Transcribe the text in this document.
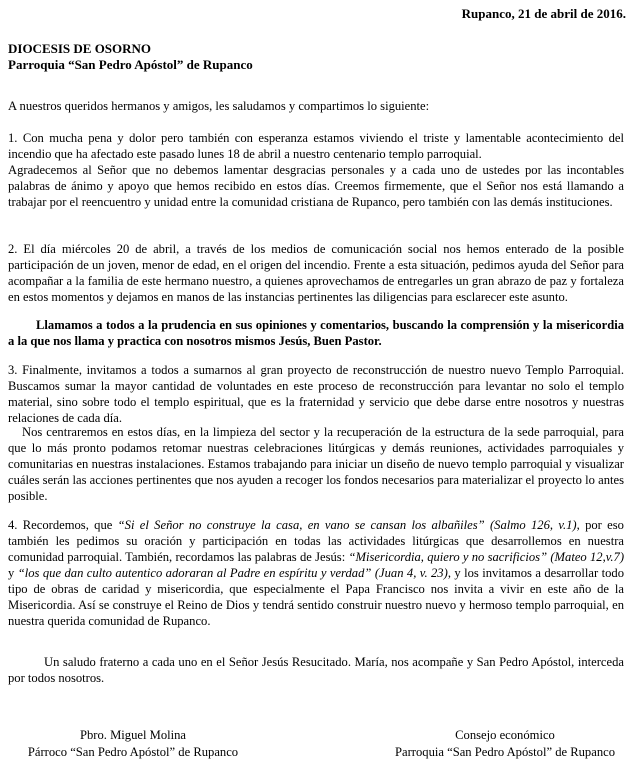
Rupanco, 21 de abril de 2016.
DIOCESIS DE OSORNO
Parroquia “San Pedro Apóstol” de Rupanco

A nuestros queridos hermanos y amigos, les saludamos y compartimos lo siguiente:

1. Con mucha pena y dolor pero también con esperanza estamos viviendo el triste y lamentable acontecimiento del incendio que ha afectado este pasado lunes 18 de abril a nuestro centenario templo parroquial.

Agradecemos al Señor que no debemos lamentar desgracias personales y a cada uno de ustedes por las incontables palabras de ánimo y apoyo que hemos recibido en estos días. Creemos firmemente, que el Señor nos está llamando a trabajar por el reencuentro y unidad entre la comunidad cristiana de Rupanco, pero también con las demás instituciones.

2. El día miércoles 20 de abril, a través de los medios de comunicación social nos hemos enterado de la posible participación de un joven, menor de edad, en el origen del incendio. Frente a esta situación, pedimos ayuda del Señor para acompañar a la familia de este hermano nuestro, a quienes aprovechamos de entregarles un gran abrazo de paz y fortaleza en estos momentos y dejamos en manos de las instancias pertinentes las diligencias para esclarecer este asunto.

Llamamos a todos a la prudencia en sus opiniones y comentarios, buscando la comprensión y la misericordia a la que nos llama y practica con nosotros mismos Jesús, Buen Pastor.

3. Finalmente, invitamos a todos a sumarnos al gran proyecto de reconstrucción de nuestro nuevo Templo Parroquial. Buscamos sumar la mayor cantidad de voluntades en este proceso de reconstrucción para levantar no solo el templo material, sino sobre todo el templo espiritual, que es la fraternidad y servicio que debe darse entre nosotros y nuestras relaciones de cada día.

Nos centraremos en estos días, en la limpieza del sector y la recuperación de la estructura de la sede parroquial, para que lo más pronto podamos retomar nuestras celebraciones litúrgicas y demás reuniones, actividades parroquiales y comunitarias en nuestras instalaciones. Estamos trabajando para iniciar un diseño de nuevo templo parroquial y visualizar cuáles serán las acciones pertinentes que nos ayuden a recoger los fondos necesarios para materializar el proyecto lo antes posible.

4. Recordemos, que “Si el Señor no construye la casa, en vano se cansan los albañiles” (Salmo 126, v.1), por eso también les pedimos su oración y participación en todas las actividades litúrgicas que desarrollemos en nuestra comunidad parroquial. También, recordamos las palabras de Jesús: “Misericordia, quiero y no sacrificios” (Mateo 12,v.7) y “los que dan culto autentico adoraran al Padre en espíritu y verdad” (Juan 4, v. 23), y los invitamos a desarrollar todo tipo de obras de caridad y misericordia, que especialmente el Papa Francisco nos invita a vivir en este año de la Misericordia. Así se construye el Reino de Dios y tendrá sentido construir nuestro nuevo y hermoso templo parroquial, en nuestra querida comunidad de Rupanco.

Un saludo fraterno a cada uno en el Señor Jesús Resucitado. María, nos acompañe y San Pedro Apóstol, interceda por todos nosotros.

Pbro. Miguel Molina
Párroco “San Pedro Apóstol” de Rupanco
Consejo económico
Parroquia “San Pedro Apóstol” de Rupanco
